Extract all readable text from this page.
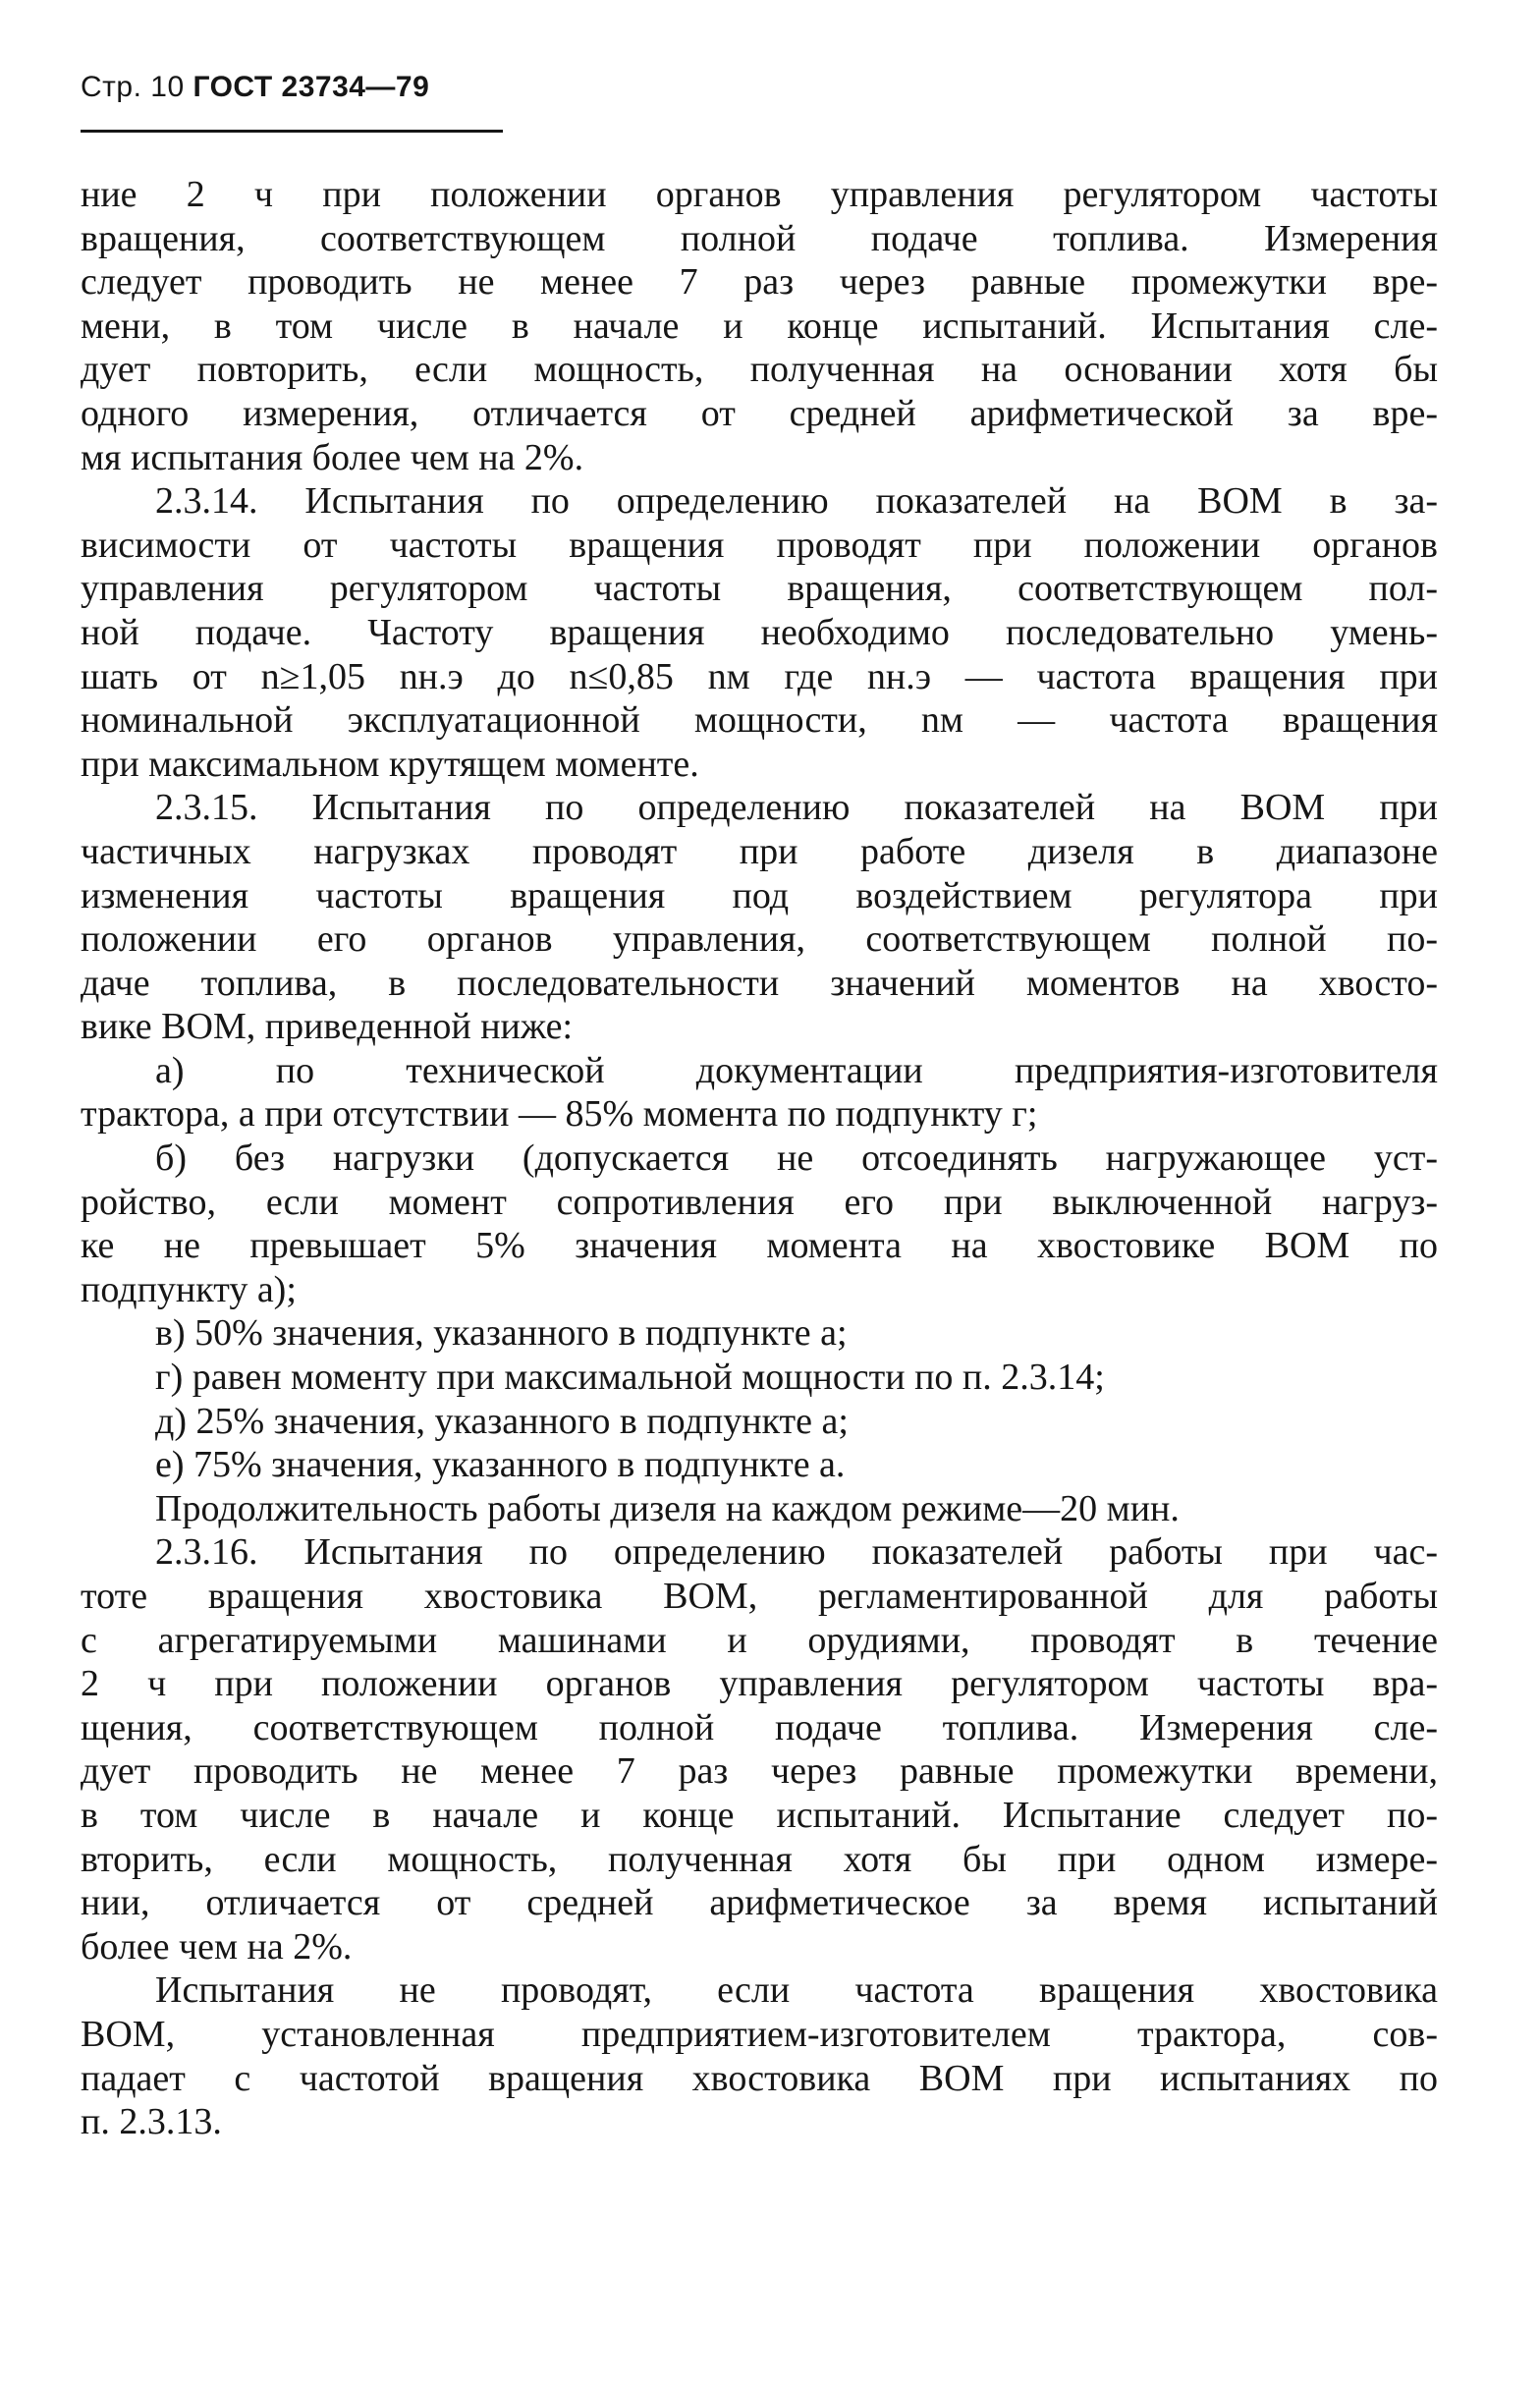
Стр. 10 ГОСТ 23734—79
ние 2 ч при положении органов управления регулятором частоты
вращения, соответствующем полной подаче топлива. Измерения
следует проводить не менее 7 раз через равные промежутки вре-
мени, в том числе в начале и конце испытаний. Испытания сле-
дует повторить, если мощность, полученная на основании хотя бы
одного измерения, отличается от средней арифметической за вре-
мя испытания более чем на 2%.
2.3.14. Испытания по определению показателей на ВОМ в за-
висимости от частоты вращения проводят при положении органов
управления регулятором частоты вращения, соответствующем пол-
ной подаче. Частоту вращения необходимо последовательно умень-
шать от n≥1,05 nн.э до n≤0,85 nм где nн.э — частота вращения при
номинальной эксплуатационной мощности, nм — частота вращения
при максимальном крутящем моменте.
2.3.15. Испытания по определению показателей на ВОМ при
частичных нагрузках проводят при работе дизеля в диапазоне
изменения частоты вращения под воздействием регулятора при
положении его органов управления, соответствующем полной по-
даче топлива, в последовательности значений моментов на хвосто-
вике ВОМ, приведенной ниже:
а) по технической документации предприятия-изготовителя
трактора, а при отсутствии — 85% момента по подпункту г;
б) без нагрузки (допускается не отсоединять нагружающее уст-
ройство, если момент сопротивления его при выключенной нагруз-
ке не превышает 5% значения момента на хвостовике ВОМ по
подпункту а);
в) 50% значения, указанного в подпункте а;
г) равен моменту при максимальной мощности по п. 2.3.14;
д) 25% значения, указанного в подпункте а;
е) 75% значения, указанного в подпункте а.
Продолжительность работы дизеля на каждом режиме—20 мин.
2.3.16. Испытания по определению показателей работы при час-
тоте вращения хвостовика ВОМ, регламентированной для работы
с агрегатируемыми машинами и орудиями, проводят в течение
2 ч при положении органов управления регулятором частоты вра-
щения, соответствующем полной подаче топлива. Измерения сле-
дует проводить не менее 7 раз через равные промежутки времени,
в том числе в начале и конце испытаний. Испытание следует по-
вторить, если мощность, полученная хотя бы при одном измере-
нии, отличается от средней арифметическое за время испытаний
более чем на 2%.
Испытания не проводят, если частота вращения хвостовика
ВОМ, установленная предприятием-изготовителем трактора, сов-
падает с частотой вращения хвостовика ВОМ при испытаниях по
п. 2.3.13.
